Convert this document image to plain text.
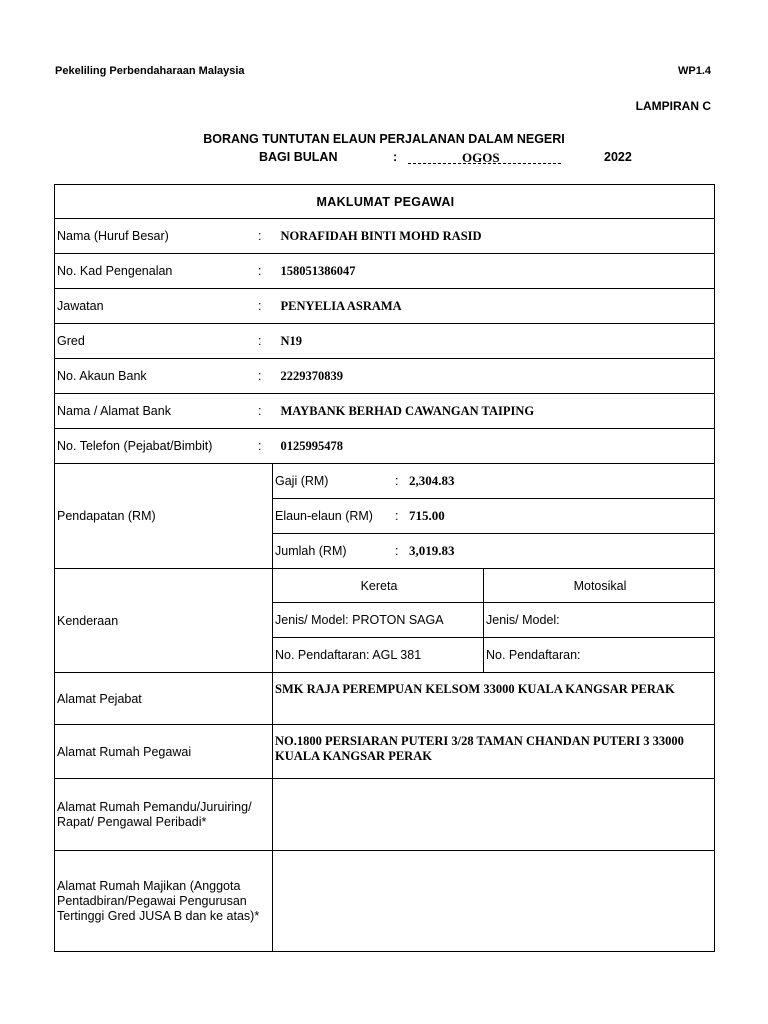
Pekeliling Perbendaharaan Malaysia	WP1.4
LAMPIRAN C
BORANG TUNTUTAN ELAUN PERJALANAN DALAM NEGERI
BAGI BULAN	:	OGOS	2022
MAKLUMAT PEGAWAI		
Nama (Huruf Besar) :	NORAFIDAH BINTI MOHD RASID	
No. Kad Pengenalan :	158051386047	
Jawatan :	PENYELIA ASRAMA	
Gred :	N19	
No. Akaun Bank :	2229370839	
Nama / Alamat Bank :	MAYBANK BERHAD CAWANGAN TAIPING	
No. Telefon (Pejabat/Bimbit) :	0125995478	
Pendapatan (RM)	Gaji (RM) : 2,304.83	
	Elaun-elaun (RM) : 715.00	
	Jumlah (RM) : 3,019.83	
Kenderaan	Kereta	Motosikal
	Jenis/ Model: PROTON SAGA	Jenis/ Model:
	No. Pendaftaran: AGL 381	No. Pendaftaran:
Alamat Pejabat	SMK RAJA PEREMPUAN KELSOM 33000 KUALA KANGSAR PERAK	
Alamat Rumah Pegawai	NO.1800 PERSIARAN PUTERI 3/28 TAMAN CHANDAN PUTERI 3 33000 KUALA KANGSAR PERAK	
Alamat Rumah Pemandu/Juruiring/ Rapat/ Pengawal Peribadi*		
Alamat Rumah Majikan (Anggota Pentadbiran/Pegawai Pengurusan Tertinggi Gred JUSA B dan ke atas)*		
